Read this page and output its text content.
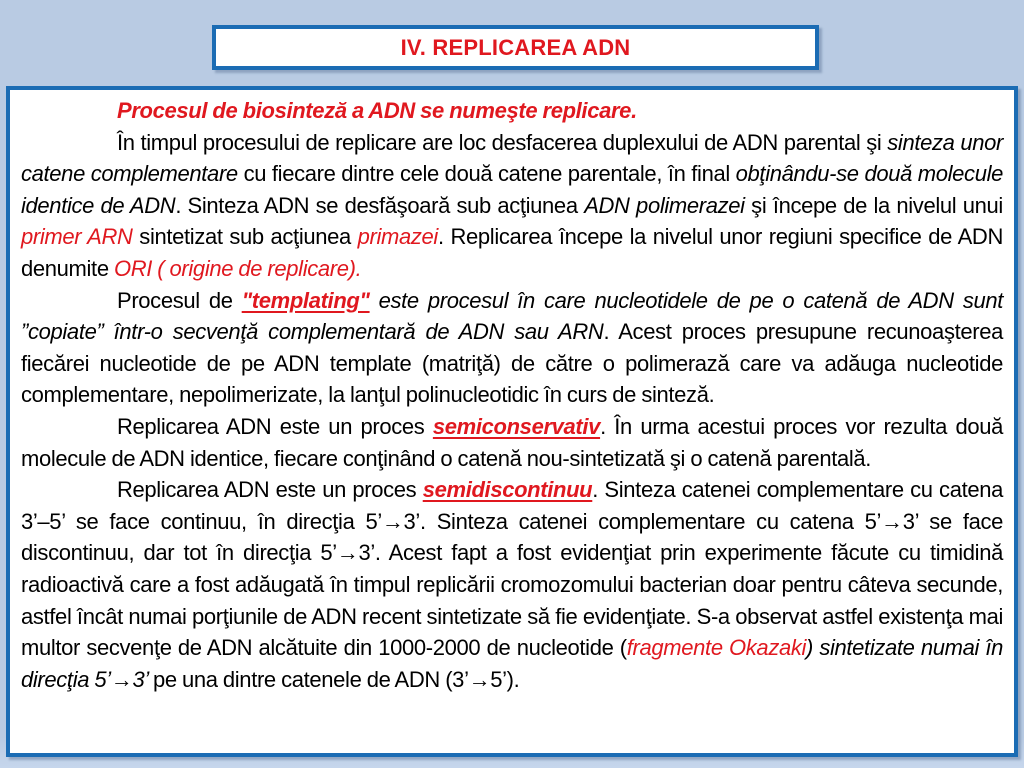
IV. REPLICAREA ADN

Procesul de biosinteză a ADN se numeşte replicare.

În timpul procesului de replicare are loc desfacerea duplexului de ADN parental şi sinteza unor catene complementare cu fiecare dintre cele două catene parentale, în final obţinându-se două molecule identice de ADN. Sinteza ADN se desfăşoară sub acţiunea ADN polimerazei şi începe de la nivelul unui primer ARN sintetizat sub acţiunea primazei. Replicarea începe la nivelul unor regiuni specifice de ADN denumite ORI ( origine de replicare).

Procesul de "templating" este procesul în care nucleotidele de pe o catenă de ADN sunt ”copiate” într-o secvenţă complementară de ADN sau ARN. Acest proces presupune recunoaşterea fiecărei nucleotide de pe ADN template (matriţă) de către o polimerază care va adăuga nucleotide complementare, nepolimerizate, la lanţul polinucleotidic în curs de sinteză.

Replicarea ADN este un proces semiconservativ. În urma acestui proces vor rezulta două molecule de ADN identice, fiecare conţinând o catenă nou-sintetizată şi o catenă parentală.

Replicarea ADN este un proces semidiscontinuu. Sinteza catenei complementare cu catena 3’–5’ se face continuu, în direcţia 5’→3’. Sinteza catenei complementare cu catena 5’→3’ se face discontinuu, dar tot în direcţia 5’→3’. Acest fapt a fost evidenţiat prin experimente făcute cu timidină radioactivă care a fost adăugată în timpul replicării cromozomului bacterian doar pentru câteva secunde, astfel încât numai porţiunile de ADN recent sintetizate să fie evidenţiate. S-a observat astfel existenţa mai multor secvenţe de ADN alcătuite din 1000-2000 de nucleotide (fragmente Okazaki) sintetizate numai în direcţia 5’→3’ pe una dintre catenele de ADN (3’→5’).
